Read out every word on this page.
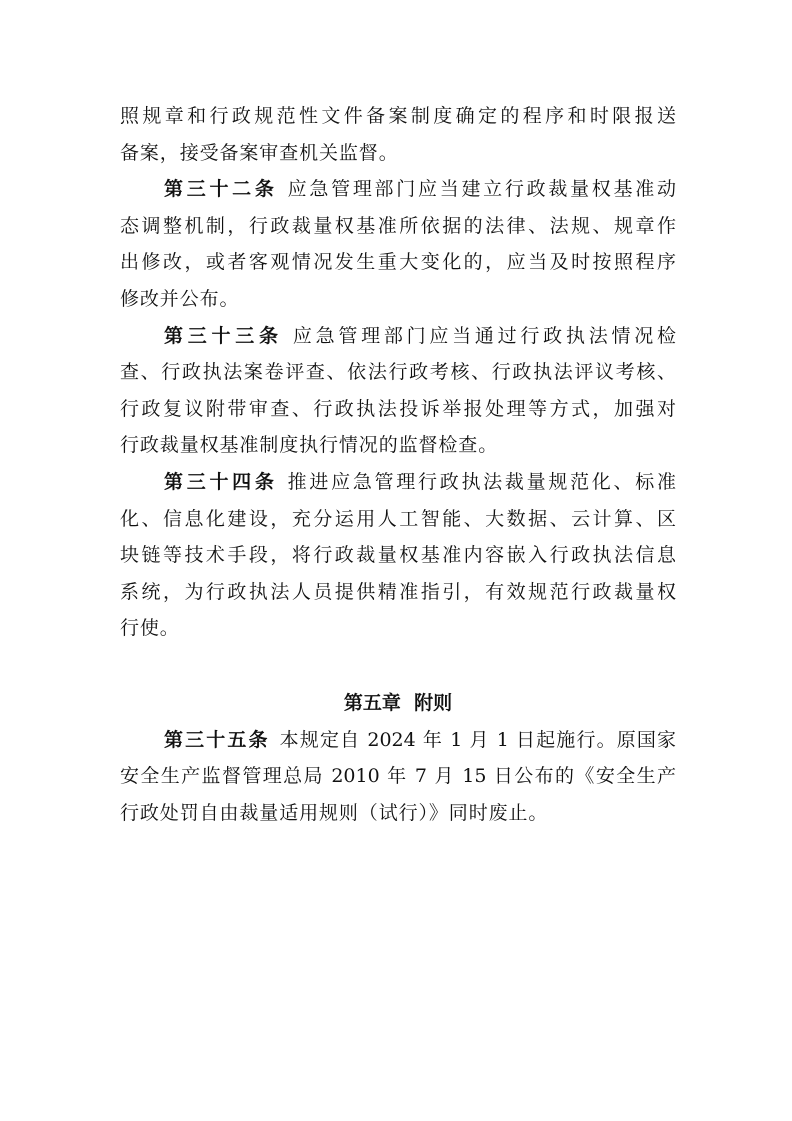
照规章和行政规范性文件备案制度确定的程序和时限报送
备案，接受备案审查机关监督。
第三十二条 应急管理部门应当建立行政裁量权基准动
态调整机制，行政裁量权基准所依据的法律、法规、规章作
出修改，或者客观情况发生重大变化的，应当及时按照程序
修改并公布。
第三十三条 应急管理部门应当通过行政执法情况检
查、行政执法案卷评查、依法行政考核、行政执法评议考核、
行政复议附带审查、行政执法投诉举报处理等方式，加强对
行政裁量权基准制度执行情况的监督检查。
第三十四条 推进应急管理行政执法裁量规范化、标准
化、信息化建设，充分运用人工智能、大数据、云计算、区
块链等技术手段，将行政裁量权基准内容嵌入行政执法信息
系统，为行政执法人员提供精准指引，有效规范行政裁量权
行使。
第五章  附则
第三十五条 本规定自 2024 年 1 月 1 日起施行。原国家
安全生产监督管理总局 2010 年 7 月 15 日公布的《安全生产
行政处罚自由裁量适用规则（试行）》同时废止。
